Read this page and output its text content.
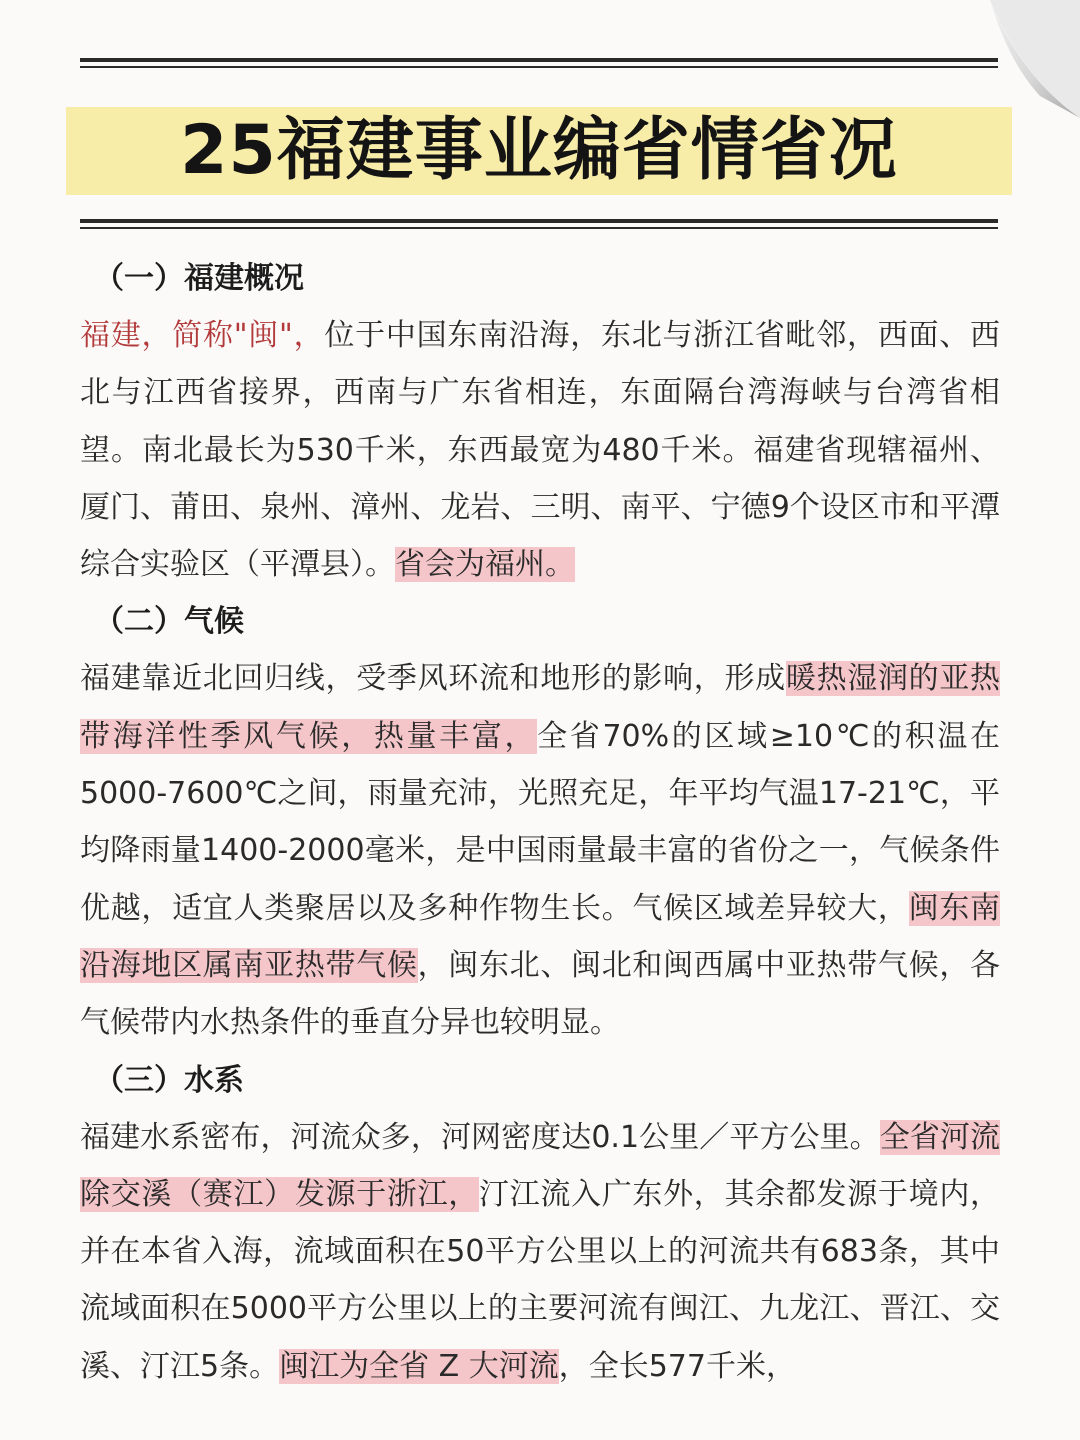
25福建事业编省情省况
（一）福建概况

福建，简称"闽"，位于中国东南沿海，东北与浙江省毗邻，西面、西北与江西省接界，西南与广东省相连，东面隔台湾海峡与台湾省相望。南北最长为530千米，东西最宽为480千米。福建省现辖福州、厦门、莆田、泉州、漳州、龙岩、三明、南平、宁德9个设区市和平潭综合实验区（平潭县）。省会为福州。

（二）气候

福建靠近北回归线，受季风环流和地形的影响，形成暖热湿润的亚热带海洋性季风气候，热量丰富，全省70%的区域≥10℃的积温在5000-7600℃之间，雨量充沛，光照充足，年平均气温17-21℃，平均降雨量1400-2000毫米，是中国雨量最丰富的省份之一，气候条件优越，适宜人类聚居以及多种作物生长。气候区域差异较大，闽东南沿海地区属南亚热带气候，闽东北、闽北和闽西属中亚热带气候，各气候带内水热条件的垂直分异也较明显。

（三）水系

福建水系密布，河流众多，河网密度达0.1公里／平方公里。全省河流除交溪（赛江）发源于浙江，汀江流入广东外，其余都发源于境内，并在本省入海，流域面积在50平方公里以上的河流共有683条，其中流域面积在5000平方公里以上的主要河流有闽江、九龙江、晋江、交溪、汀江5条。闽江为全省 Z 大河流，全长577千米，
